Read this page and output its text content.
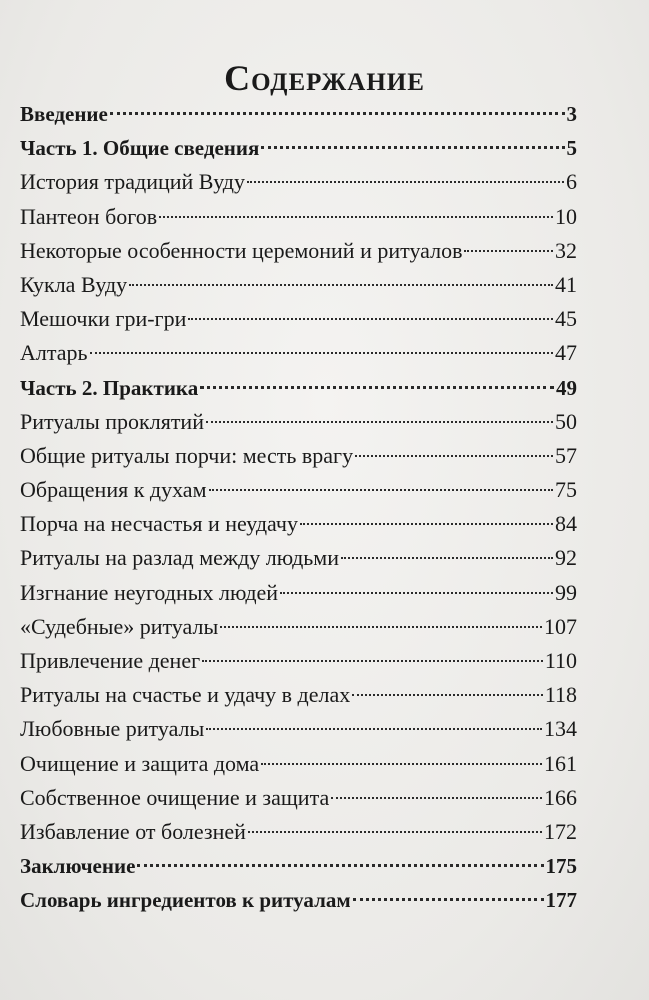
Содержание
Введение	3
Часть 1. Общие сведения	5
История традиций Вуду	6
Пантеон богов	10
Некоторые особенности церемоний и ритуалов	32
Кукла Вуду	41
Мешочки гри-гри	45
Алтарь	47
Часть 2. Практика	49
Ритуалы проклятий	50
Общие ритуалы порчи: месть врагу	57
Обращения к духам	75
Порча на несчастья и неудачу	84
Ритуалы на разлад между людьми	92
Изгнание неугодных людей	99
«Судебные» ритуалы	107
Привлечение денег	110
Ритуалы на счастье и удачу в делах	118
Любовные ритуалы	134
Очищение и защита дома	161
Собственное очищение и защита	166
Избавление от болезней	172
Заключение	175
Словарь ингредиентов к ритуалам	177
